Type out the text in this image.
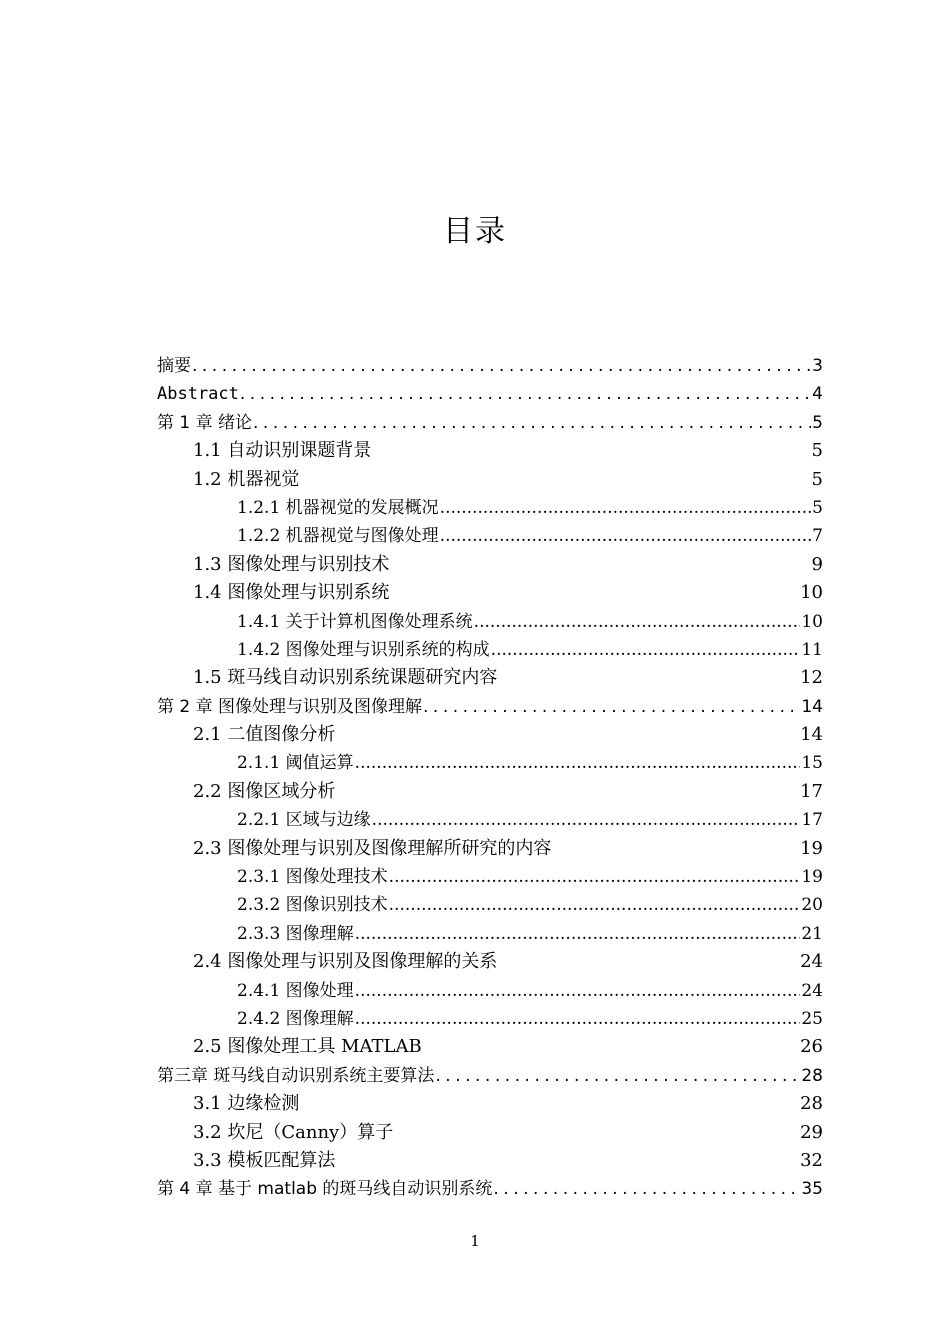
目录
摘要 .....	3
Abstract .....	4
第 1 章 绪论 .....	5
1.1 自动识别课题背景	5
1.2 机器视觉	5
1.2.1 机器视觉的发展概况 .....	5
1.2.2 机器视觉与图像处理 .....	7
1.3 图像处理与识别技术	9
1.4 图像处理与识别系统	10
1.4.1 关于计算机图像处理系统 .....	10
1.4.2 图像处理与识别系统的构成 .....	11
1.5 斑马线自动识别系统课题研究内容	12
第 2 章 图像处理与识别及图像理解 .....	14
2.1 二值图像分析	14
2.1.1 阈值运算 .....	15
2.2 图像区域分析	17
2.2.1 区域与边缘 .....	17
2.3 图像处理与识别及图像理解所研究的内容	19
2.3.1 图像处理技术 .....	19
2.3.2 图像识别技术 .....	20
2.3.3 图像理解 .....	21
2.4 图像处理与识别及图像理解的关系	24
2.4.1 图像处理 .....	24
2.4.2 图像理解 .....	25
2.5 图像处理工具 MATLAB	26
第三章 斑马线自动识别系统主要算法 .....	28
3.1 边缘检测	28
3.2 坎尼（Canny）算子	29
3.3 模板匹配算法	32
第 4 章 基于 matlab 的斑马线自动识别系统 .....	35
1
